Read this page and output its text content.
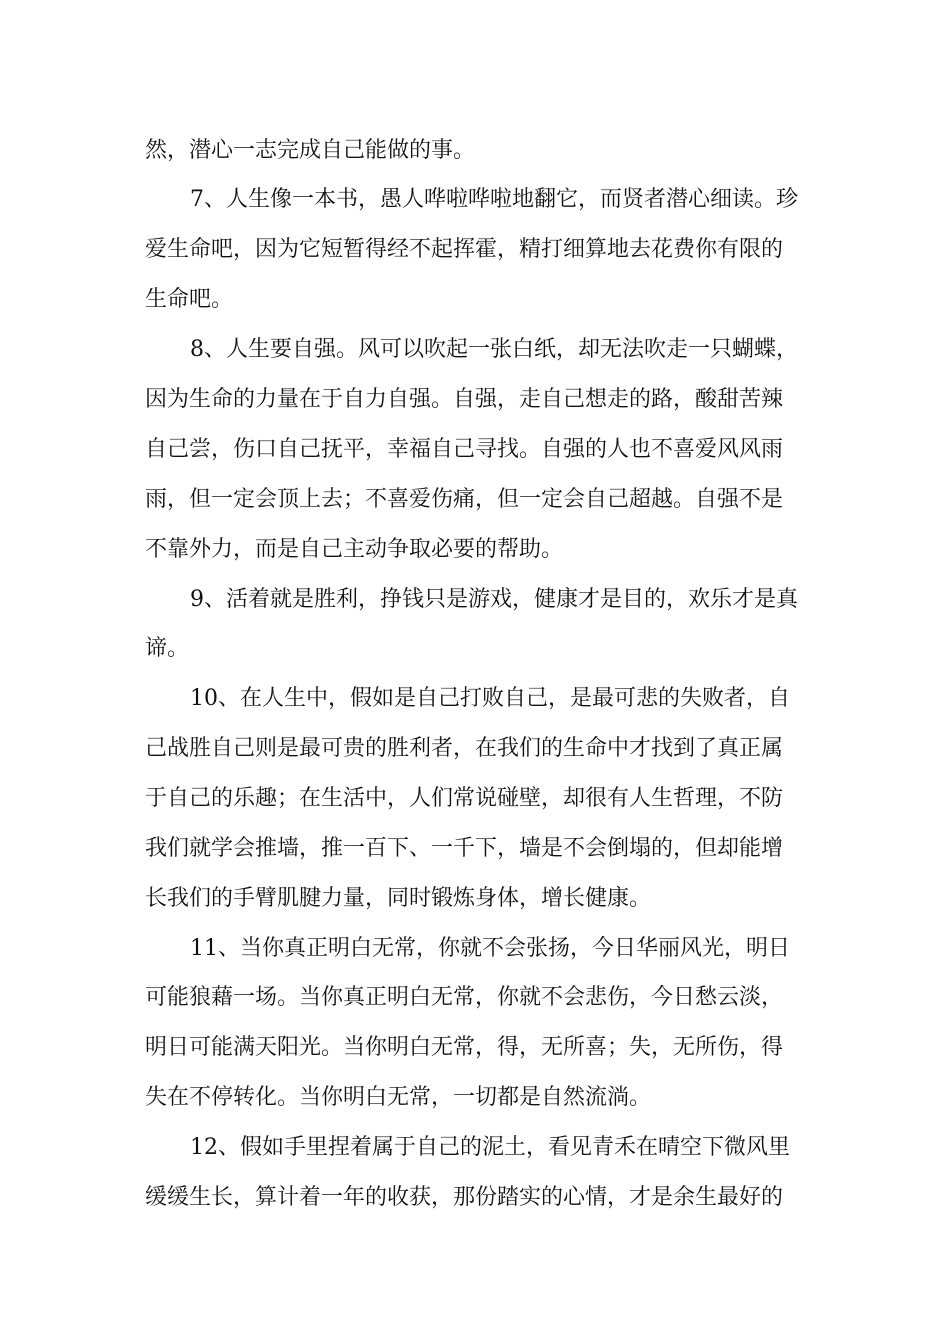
然，潜心一志完成自己能做的事。
7、人生像一本书，愚人哗啦哗啦地翻它，而贤者潜心细读。珍
爱生命吧，因为它短暂得经不起挥霍，精打细算地去花费你有限的
生命吧。
8、人生要自强。风可以吹起一张白纸，却无法吹走一只蝴蝶，
因为生命的力量在于自力自强。自强，走自己想走的路，酸甜苦辣
自己尝，伤口自己抚平，幸福自己寻找。自强的人也不喜爱风风雨
雨，但一定会顶上去；不喜爱伤痛，但一定会自己超越。自强不是
不靠外力，而是自己主动争取必要的帮助。
9、活着就是胜利，挣钱只是游戏，健康才是目的，欢乐才是真
谛。
10、在人生中，假如是自己打败自己，是最可悲的失败者，自
己战胜自己则是最可贵的胜利者，在我们的生命中才找到了真正属
于自己的乐趣；在生活中，人们常说碰壁，却很有人生哲理，不防
我们就学会推墙，推一百下、一千下，墙是不会倒塌的，但却能增
长我们的手臂肌腱力量，同时锻炼身体，增长健康。
11、当你真正明白无常，你就不会张扬，今日华丽风光，明日
可能狼藉一场。当你真正明白无常，你就不会悲伤，今日愁云淡，
明日可能满天阳光。当你明白无常，得，无所喜；失，无所伤，得
失在不停转化。当你明白无常，一切都是自然流淌。
12、假如手里捏着属于自己的泥土，看见青禾在晴空下微风里
缓缓生长，算计着一年的收获，那份踏实的心情，才是余生最好的
